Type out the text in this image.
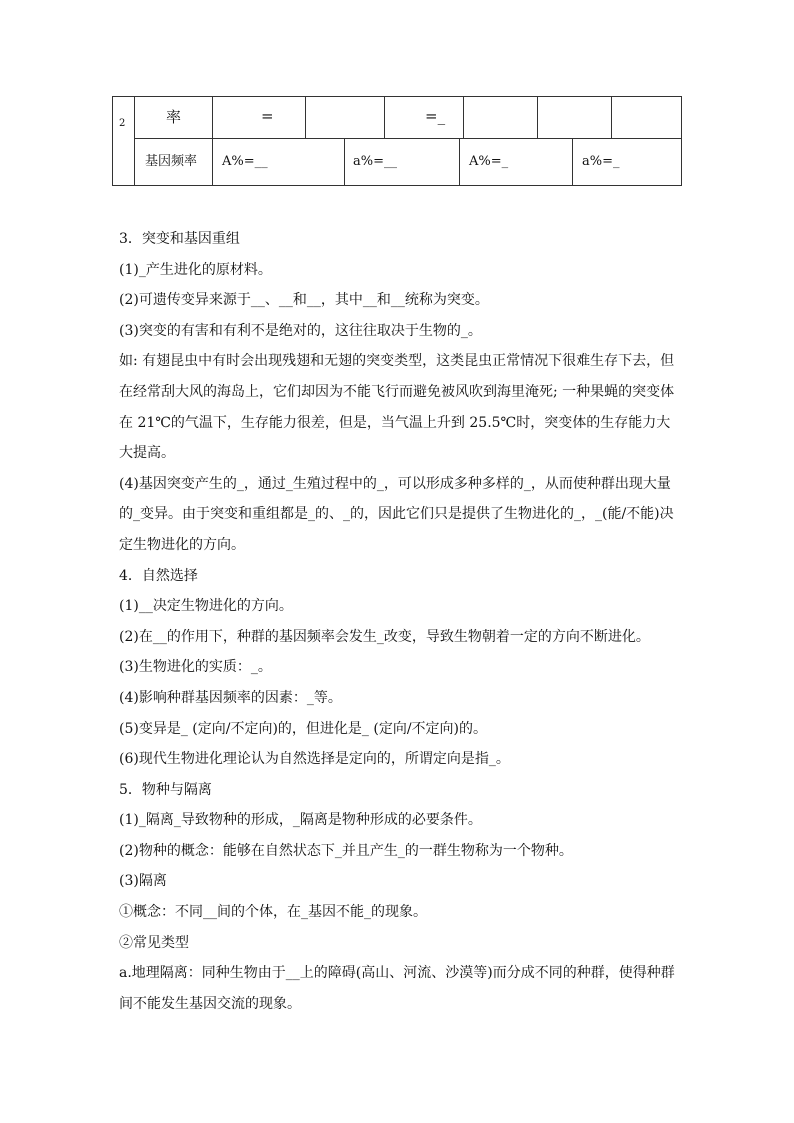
2	率	=	=_
基因频率 A%=__	a%=__	A%=_	a%=_

3．突变和基因重组

(1)_产生进化的原材料。

(2)可遗传变异来源于__、__和__，其中__和__统称为突变。

(3)突变的有害和有利不是绝对的，这往往取决于生物的_。

如: 有翅昆虫中有时会出现残翅和无翅的突变类型，这类昆虫正常情况下很难生存下去，但在经常刮大风的海岛上，它们却因为不能飞行而避免被风吹到海里淹死; 一种果蝇的突变体在 21℃的气温下，生存能力很差，但是，当气温上升到 25.5℃时，突变体的生存能力大大提高。

(4)基因突变产生的_，通过_生殖过程中的_，可以形成多种多样的_，从而使种群出现大量的_变异。由于突变和重组都是_的、_的，因此它们只是提供了生物进化的_，_(能/不能)决定生物进化的方向。

4．自然选择

(1)__决定生物进化的方向。

(2)在__的作用下，种群的基因频率会发生_改变，导致生物朝着一定的方向不断进化。

(3)生物进化的实质：_。

(4)影响种群基因频率的因素：_等。

(5)变异是_ (定向/不定向)的，但进化是_ (定向/不定向)的。

(6)现代生物进化理论认为自然选择是定向的，所谓定向是指_。

5．物种与隔离

(1)_隔离_导致物种的形成，_隔离是物种形成的必要条件。

(2)物种的概念：能够在自然状态下_并且产生_的一群生物称为一个物种。

(3)隔离

①概念：不同__间的个体，在_基因不能_的现象。

②常见类型

a.地理隔离：同种生物由于__上的障碍(高山、河流、沙漠等)而分成不同的种群，使得种群间不能发生基因交流的现象。
